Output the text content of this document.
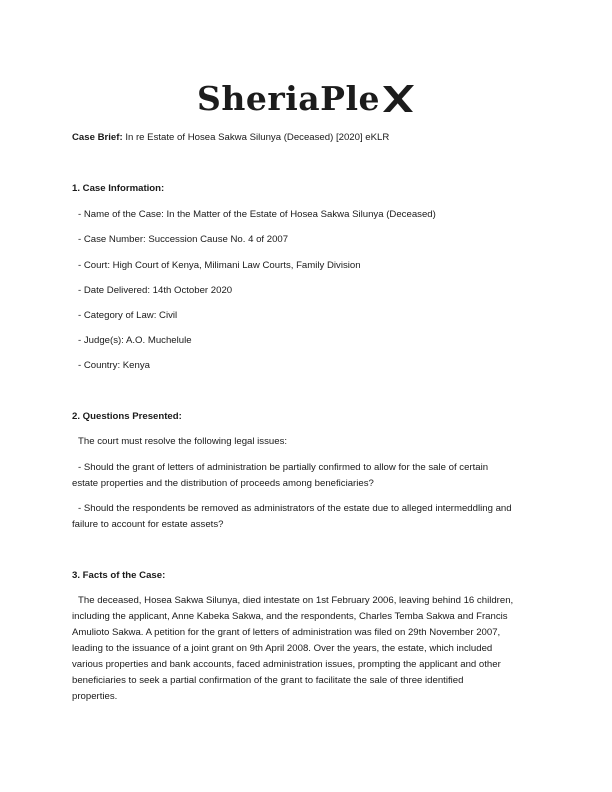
SheriaPle
Case Brief: In re Estate of Hosea Sakwa Silunya (Deceased) [2020] eKLR
1. Case Information:
- Name of the Case: In the Matter of the Estate of Hosea Sakwa Silunya (Deceased)
- Case Number: Succession Cause No. 4 of 2007
- Court: High Court of Kenya, Milimani Law Courts, Family Division
- Date Delivered: 14th October 2020
- Category of Law: Civil
- Judge(s): A.O. Muchelule
- Country: Kenya
2. Questions Presented:
The court must resolve the following legal issues:
- Should the grant of letters of administration be partially confirmed to allow for the sale of certain
estate properties and the distribution of proceeds among beneficiaries?
- Should the respondents be removed as administrators of the estate due to alleged intermeddling and
failure to account for estate assets?
3. Facts of the Case:
The deceased, Hosea Sakwa Silunya, died intestate on 1st February 2006, leaving behind 16 children,
including the applicant, Anne Kabeka Sakwa, and the respondents, Charles Temba Sakwa and Francis
Amulioto Sakwa. A petition for the grant of letters of administration was filed on 29th November 2007,
leading to the issuance of a joint grant on 9th April 2008. Over the years, the estate, which included
various properties and bank accounts, faced administration issues, prompting the applicant and other
beneficiaries to seek a partial confirmation of the grant to facilitate the sale of three identified
properties.
